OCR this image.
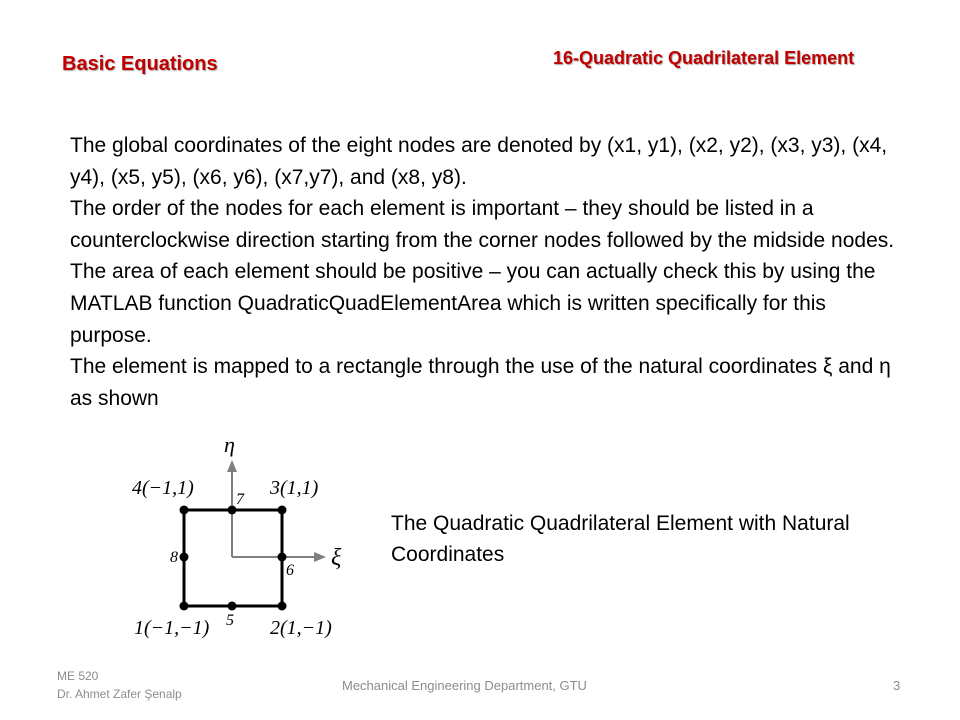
Basic Equations	16-Quadratic Quadrilateral Element

The global coordinates of the eight nodes are denoted by (x1, y1), (x2, y2), (x3, y3), (x4, y4), (x5, y5), (x6, y6), (x7,y7), and (x8, y8).

The order of the nodes for each element is important – they should be listed in a counterclockwise direction starting from the corner nodes followed by the midside nodes. The area of each element should be positive – you can actually check this by using the MATLAB function QuadraticQuadElementArea which is written specifically for this purpose.

The element is mapped to a rectangle through the use of the natural coordinates ξ and η as shown

η
ξ
4(−1,1)	3(1,1)
1(−1,−1)	2(1,−1)
5
6
7
8
The Quadratic Quadrilateral Element with Natural Coordinates
ME 520
Dr. Ahmet Zafer Şenalp
Mechanical Engineering Department, GTU	3
